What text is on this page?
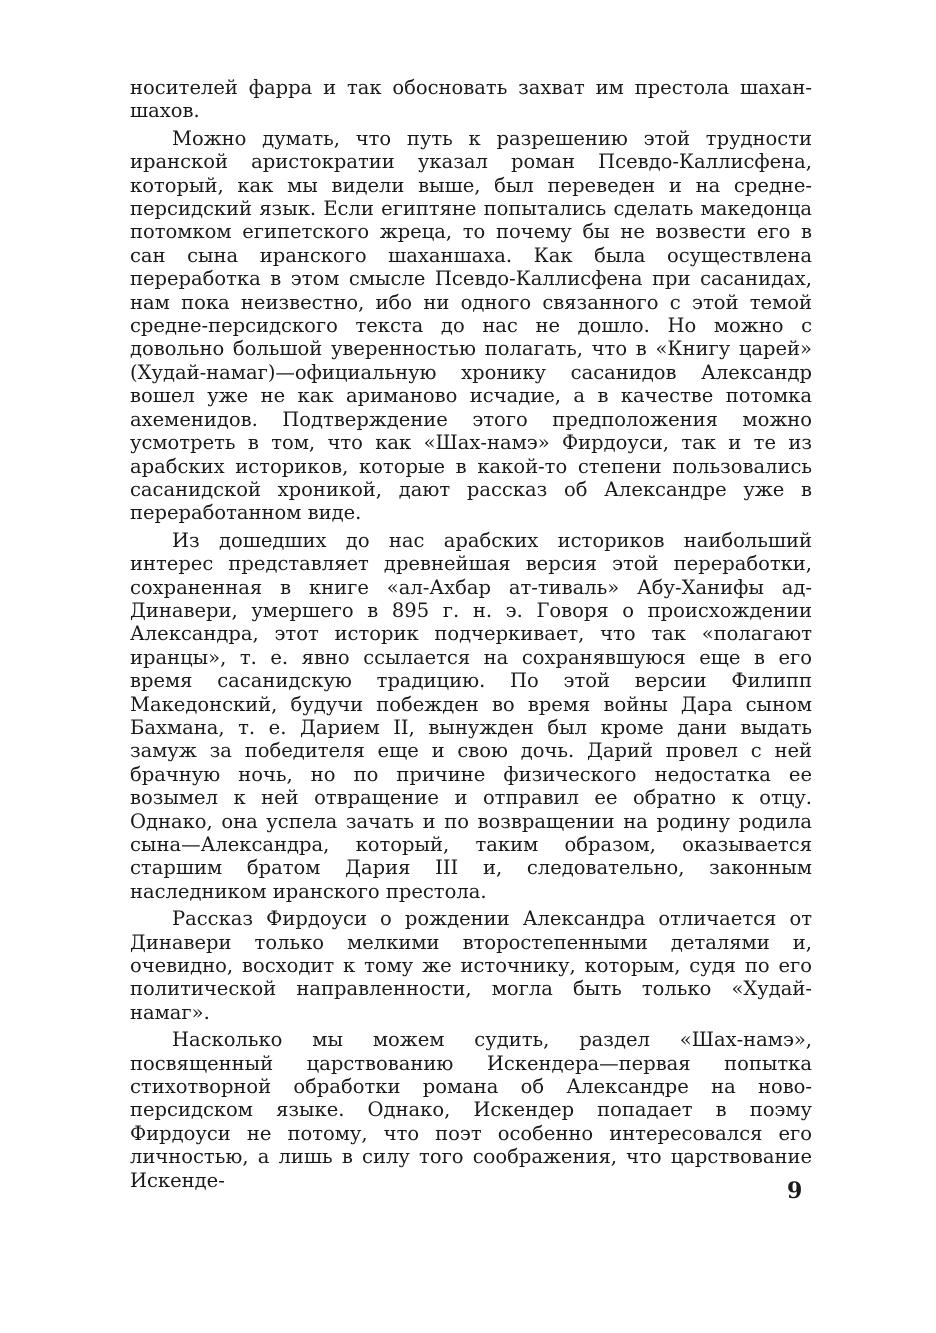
носителей фарра и так обосновать захват им престола шахан-шахов.

Можно думать, что путь к разрешению этой трудности иранской аристократии указал роман Псевдо-Каллисфена, который, как мы видели выше, был переведен и на средне-персидский язык. Если египтяне попытались сделать македонца потомком египетского жреца, то почему бы не возвести его в сан сына иранского шаханшаха. Как была осуществлена переработка в этом смысле Псевдо-Каллисфена при сасанидах, нам пока неизвестно, ибо ни одного связанного с этой темой средне-персидского текста до нас не дошло. Но можно с довольно большой уверенностью полагать, что в «Книгу царей» (Худай-намаг)—официальную хронику сасанидов Александр вошел уже не как ариманово исчадие, а в качестве потомка ахеменидов. Подтверждение этого предположения можно усмотреть в том, что как «Шах-намэ» Фирдоуси, так и те из арабских историков, которые в какой-то степени пользовались сасанидской хроникой, дают рассказ об Александре уже в переработанном виде.

Из дошедших до нас арабских историков наибольший интерес представляет древнейшая версия этой переработки, сохраненная в книге «ал-Ахбар ат-тиваль» Абу-Ханифы ад-Динавери, умершего в 895 г. н. э. Говоря о происхождении Александра, этот историк подчеркивает, что так «полагают иранцы», т. е. явно ссылается на сохранявшуюся еще в его время сасанидскую традицию. По этой версии Филипп Македонский, будучи побежден во время войны Дара сыном Бахмана, т. е. Дарием II, вынужден был кроме дани выдать замуж за победителя еще и свою дочь. Дарий провел с ней брачную ночь, но по причине физического недостатка ее возымел к ней отвращение и отправил ее обратно к отцу. Однако, она успела зачать и по возвращении на родину родила сына—Александра, который, таким образом, оказывается старшим братом Дария III и, следовательно, законным наследником иранского престола.

Рассказ Фирдоуси о рождении Александра отличается от Динавери только мелкими второстепенными деталями и, очевидно, восходит к тому же источнику, которым, судя по его политической направленности, могла быть только «Худай-намаг».

Насколько мы можем судить, раздел «Шах-намэ», посвященный царствованию Искендера—первая попытка стихотворной обработки романа об Александре на ново-персидском языке. Однако, Искендер попадает в поэму Фирдоуси не потому, что поэт особенно интересовался его личностью, а лишь в силу того соображения, что царствование Искенде-	9
